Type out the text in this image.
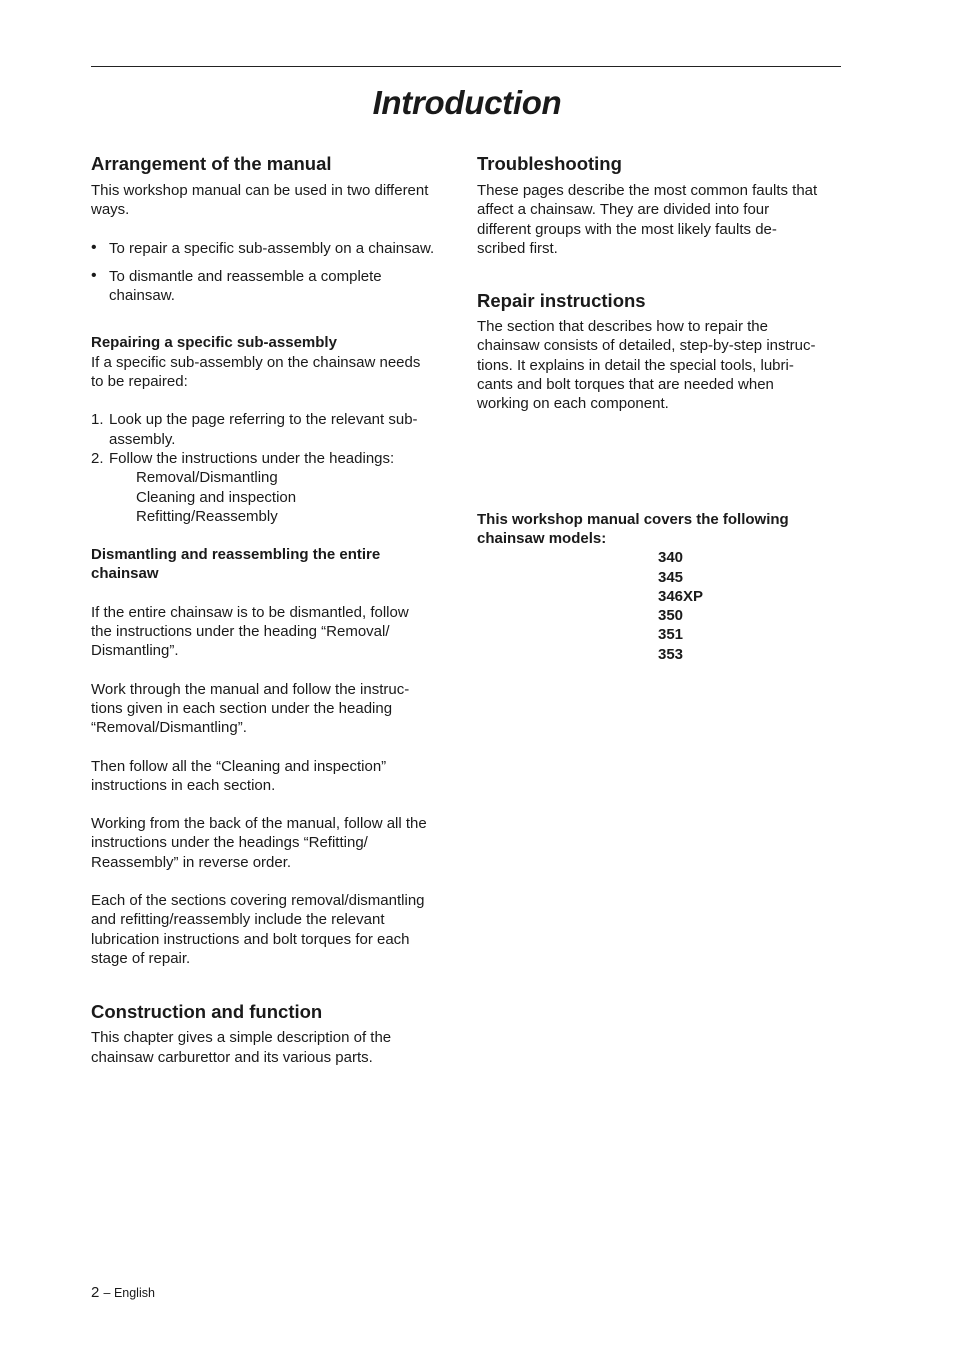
Introduction
Arrangement of the manual
This workshop manual can be used in two different
ways.
• To repair a specific sub-assembly on a chainsaw.
• To dismantle and reassemble a complete
chainsaw.
Repairing a specific sub-assembly
If a specific sub-assembly on the chainsaw needs
to be repaired:
1. Look up the page referring to the relevant sub-
assembly.
2. Follow the instructions under the headings:
Removal/Dismantling
Cleaning and inspection
Refitting/Reassembly
Dismantling and reassembling the entire
chainsaw
If the entire chainsaw is to be dismantled, follow
the instructions under the heading “Removal/
Dismantling”.
Work through the manual and follow the instruc-
tions given in each section under the heading
“Removal/Dismantling”.
Then follow all the “Cleaning and inspection”
instructions in each section.
Working from the back of the manual, follow all the
instructions under the headings “Refitting/
Reassembly” in reverse order.
Each of the sections covering removal/dismantling
and refitting/reassembly include the relevant
lubrication instructions and bolt torques for each
stage of repair.
Construction and function
This chapter gives a simple description of the
chainsaw carburettor and its various parts.
Troubleshooting
These pages describe the most common faults that
affect a chainsaw. They are divided into four
different groups with the most likely faults de-
scribed first.
Repair instructions
The section that describes how to repair the
chainsaw consists of detailed, step-by-step instruc-
tions. It explains in detail the special tools, lubri-
cants and bolt torques that are needed when
working on each component.
This workshop manual covers the following
chainsaw models:
340
345
346XP
350
351
353
2 – English
